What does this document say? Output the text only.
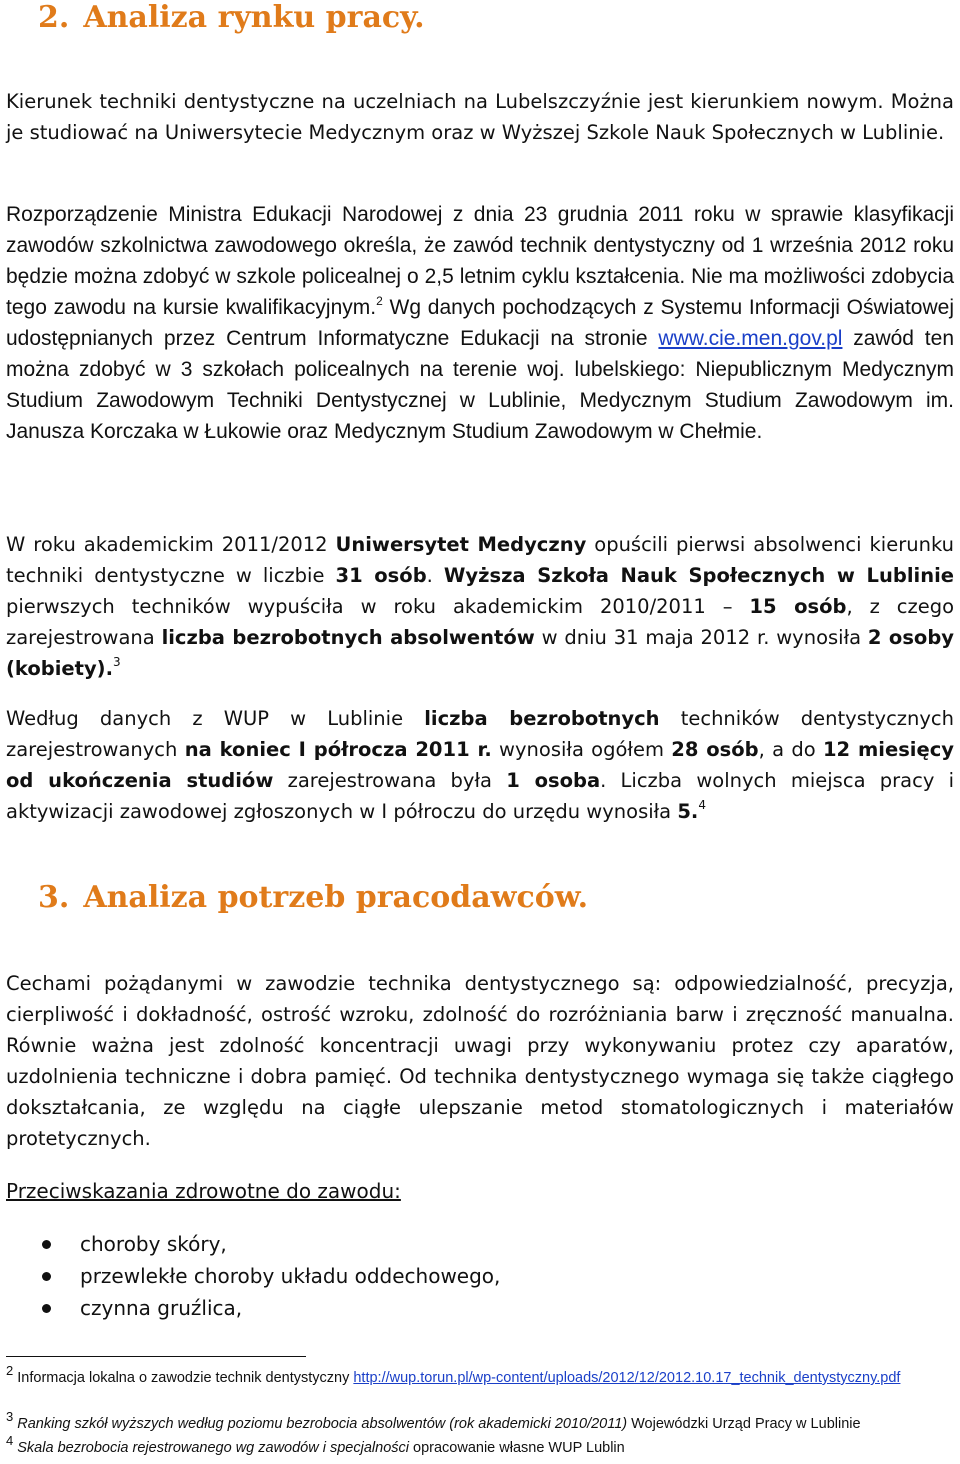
2. Analiza rynku pracy.

Kierunek techniki dentystyczne na uczelniach na Lubelszczyźnie jest kierunkiem nowym. Można je studiować na Uniwersytecie Medycznym oraz w Wyższej Szkole Nauk Społecznych w Lublinie.

Rozporządzenie Ministra Edukacji Narodowej z dnia 23 grudnia 2011 roku w sprawie klasyfikacji zawodów szkolnictwa zawodowego określa, że zawód technik dentystyczny od 1 września 2012 roku będzie można zdobyć w szkole policealnej o 2,5 letnim cyklu kształcenia. Nie ma możliwości zdobycia tego zawodu na kursie kwalifikacyjnym.$^2$ Wg danych pochodzących z Systemu Informacji Oświatowej udostępnianych przez Centrum Informatyczne Edukacji na stronie www.cie.men.gov.pl zawód ten można zdobyć w 3 szkołach policealnych na terenie woj. lubelskiego: Niepublicznym Medycznym Studium Zawodowym Techniki Dentystycznej w Lublinie, Medycznym Studium Zawodowym im. Janusza Korczaka w Łukowie oraz Medycznym Studium Zawodowym w Chełmie.

W roku akademickim 2011/2012 Uniwersytet Medyczny opuścili pierwsi absolwenci kierunku techniki dentystyczne w liczbie 31 osób. Wyższa Szkoła Nauk Społecznych w Lublinie pierwszych techników wypuściła w roku akademickim 2010/2011 – 15 osób, z czego zarejestrowana liczba bezrobotnych absolwentów w dniu 31 maja 2012 r. wynosiła 2 osoby (kobiety).$^3$

Według danych z WUP w Lublinie liczba bezrobotnych techników dentystycznych zarejestrowanych na koniec I półrocza 2011 r. wynosiła ogółem 28 osób, a do 12 miesięcy od ukończenia studiów zarejestrowana była 1 osoba. Liczba wolnych miejsca pracy i aktywizacji zawodowej zgłoszonych w I półroczu do urzędu wynosiła 5.$^4$

3. Analiza potrzeb pracodawców.

Cechami pożądanymi w zawodzie technika dentystycznego są: odpowiedzialność, precyzja, cierpliwość i dokładność, ostrość wzroku, zdolność do rozróżniania barw i zręczność manualna. Równie ważna jest zdolność koncentracji uwagi przy wykonywaniu protez czy aparatów, uzdolnienia techniczne i dobra pamięć. Od technika dentystycznego wymaga się także ciągłego dokształcania, ze względu na ciągłe ulepszanie metod stomatologicznych i materiałów protetycznych.

Przeciwskazania zdrowotne do zawodu:

choroby skóry,
przewlekłe choroby układu oddechowego,
czynna gruźlica,

$^2$ Informacja lokalna o zawodzie technik dentystyczny http://wup.torun.pl/wp-content/uploads/2012/12/2012.10.17_technik_dentystyczny.pdf

$^3$ Ranking szkół wyższych według poziomu bezrobocia absolwentów (rok akademicki 2010/2011) Wojewódzki Urząd Pracy w Lublinie

$^4$ Skala bezrobocia rejestrowanego wg zawodów i specjalności opracowanie własne WUP Lublin
